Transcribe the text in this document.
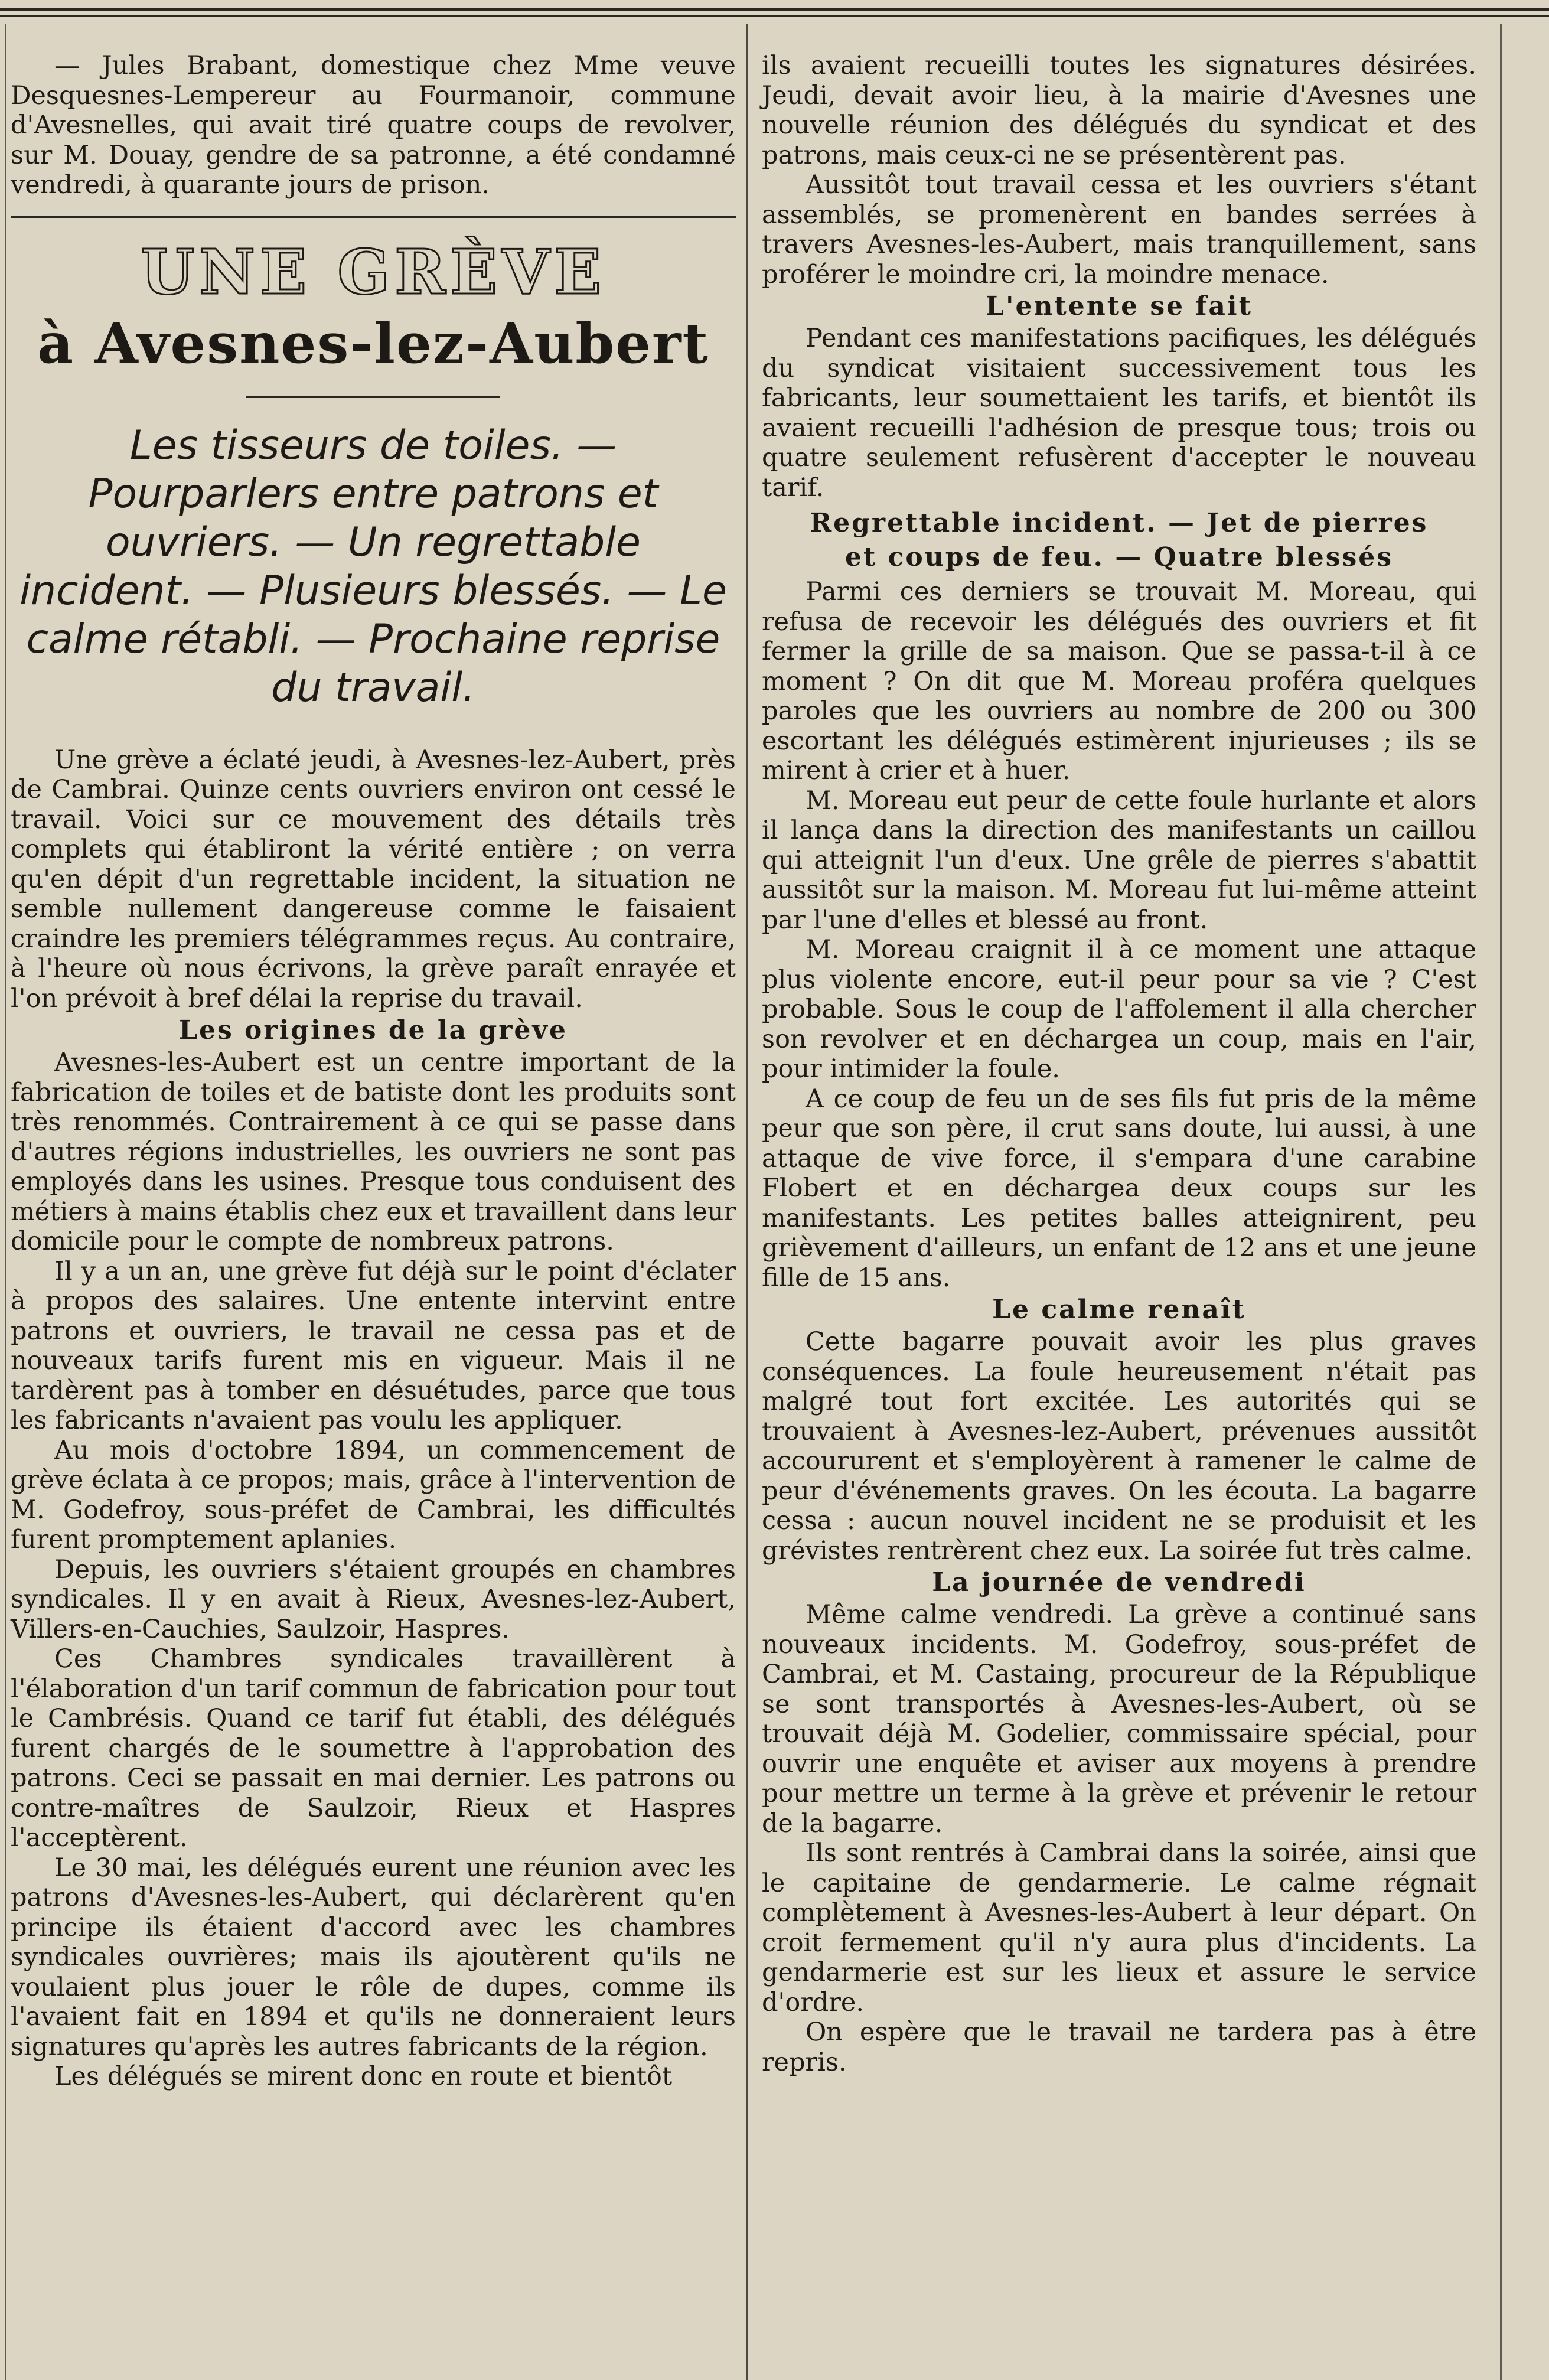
— Jules Brabant, domestique chez Mme veuve Desquesnes-Lempereur au Fourmanoir, commune d'Avesnelles, qui avait tiré quatre coups de revolver, sur M. Douay, gendre de sa patronne, a été condamné vendredi, à quarante jours de prison.

UNE GRÈVE
à Avesnes-lez-Aubert
Les tisseurs de toiles. — Pourparlers entre patrons et ouvriers. — Un regrettable incident. — Plusieurs blessés. — Le calme rétabli. — Prochaine reprise du travail.

Une grève a éclaté jeudi, à Avesnes-lez-Aubert, près de Cambrai. Quinze cents ouvriers environ ont cessé le travail. Voici sur ce mouvement des détails très complets qui établiront la vérité entière ; on verra qu'en dépit d'un regrettable incident, la situation ne semble nullement dangereuse comme le faisaient craindre les premiers télégrammes reçus. Au contraire, à l'heure où nous écrivons, la grève paraît enrayée et l'on prévoit à bref délai la reprise du travail.

Les origines de la grève

Avesnes-les-Aubert est un centre important de la fabrication de toiles et de batiste dont les produits sont très renommés. Contrairement à ce qui se passe dans d'autres régions industrielles, les ouvriers ne sont pas employés dans les usines. Presque tous conduisent des métiers à mains établis chez eux et travaillent dans leur domicile pour le compte de nombreux patrons.

Il y a un an, une grève fut déjà sur le point d'éclater à propos des salaires. Une entente intervint entre patrons et ouvriers, le travail ne cessa pas et de nouveaux tarifs furent mis en vigueur. Mais il ne tardèrent pas à tomber en désuétudes, parce que tous les fabricants n'avaient pas voulu les appliquer.

Au mois d'octobre 1894, un commencement de grève éclata à ce propos; mais, grâce à l'intervention de M. Godefroy, sous-préfet de Cambrai, les difficultés furent promptement aplanies.

Depuis, les ouvriers s'étaient groupés en chambres syndicales. Il y en avait à Rieux, Avesnes-lez-Aubert, Villers-en-Cauchies, Saulzoir, Haspres.

Ces Chambres syndicales travaillèrent à l'élaboration d'un tarif commun de fabrication pour tout le Cambrésis. Quand ce tarif fut établi, des délégués furent chargés de le soumettre à l'approbation des patrons. Ceci se passait en mai dernier. Les patrons ou contre-maîtres de Saulzoir, Rieux et Haspres l'acceptèrent.

Le 30 mai, les délégués eurent une réunion avec les patrons d'Avesnes-les-Aubert, qui déclarèrent qu'en principe ils étaient d'accord avec les chambres syndicales ouvrières; mais ils ajoutèrent qu'ils ne voulaient plus jouer le rôle de dupes, comme ils l'avaient fait en 1894 et qu'ils ne donneraient leurs signatures qu'après les autres fabricants de la région.

Les délégués se mirent donc en route et bientôt

ils avaient recueilli toutes les signatures désirées. Jeudi, devait avoir lieu, à la mairie d'Avesnes une nouvelle réunion des délégués du syndicat et des patrons, mais ceux-ci ne se présentèrent pas.

Aussitôt tout travail cessa et les ouvriers s'étant assemblés, se promenèrent en bandes serrées à travers Avesnes-les-Aubert, mais tranquillement, sans proférer le moindre cri, la moindre menace.

L'entente se fait

Pendant ces manifestations pacifiques, les délégués du syndicat visitaient successivement tous les fabricants, leur soumettaient les tarifs, et bientôt ils avaient recueilli l'adhésion de presque tous; trois ou quatre seulement refusèrent d'accepter le nouveau tarif.

Regrettable incident. — Jet de pierres
et coups de feu. — Quatre blessés

Parmi ces derniers se trouvait M. Moreau, qui refusa de recevoir les délégués des ouvriers et fit fermer la grille de sa maison. Que se passa-t-il à ce moment ? On dit que M. Moreau proféra quelques paroles que les ouvriers au nombre de 200 ou 300 escortant les délégués estimèrent injurieuses ; ils se mirent à crier et à huer.

M. Moreau eut peur de cette foule hurlante et alors il lança dans la direction des manifestants un caillou qui atteignit l'un d'eux. Une grêle de pierres s'abattit aussitôt sur la maison. M. Moreau fut lui-même atteint par l'une d'elles et blessé au front.

M. Moreau craignit il à ce moment une attaque plus violente encore, eut-il peur pour sa vie ? C'est probable. Sous le coup de l'affolement il alla chercher son revolver et en déchargea un coup, mais en l'air, pour intimider la foule.

A ce coup de feu un de ses fils fut pris de la même peur que son père, il crut sans doute, lui aussi, à une attaque de vive force, il s'empara d'une carabine Flobert et en déchargea deux coups sur les manifestants. Les petites balles atteignirent, peu grièvement d'ailleurs, un enfant de 12 ans et une jeune fille de 15 ans.

Le calme renaît

Cette bagarre pouvait avoir les plus graves conséquences. La foule heureusement n'était pas malgré tout fort excitée. Les autorités qui se trouvaient à Avesnes-lez-Aubert, prévenues aussitôt accoururent et s'employèrent à ramener le calme de peur d'événements graves. On les écouta. La bagarre cessa : aucun nouvel incident ne se produisit et les grévistes rentrèrent chez eux. La soirée fut très calme.

La journée de vendredi

Même calme vendredi. La grève a continué sans nouveaux incidents. M. Godefroy, sous-préfet de Cambrai, et M. Castaing, procureur de la République se sont transportés à Avesnes-les-Aubert, où se trouvait déjà M. Godelier, commissaire spécial, pour ouvrir une enquête et aviser aux moyens à prendre pour mettre un terme à la grève et prévenir le retour de la bagarre.

Ils sont rentrés à Cambrai dans la soirée, ainsi que le capitaine de gendarmerie. Le calme régnait complètement à Avesnes-les-Aubert à leur départ. On croit fermement qu'il n'y aura plus d'incidents. La gendarmerie est sur les lieux et assure le service d'ordre.

On espère que le travail ne tardera pas à être repris.
